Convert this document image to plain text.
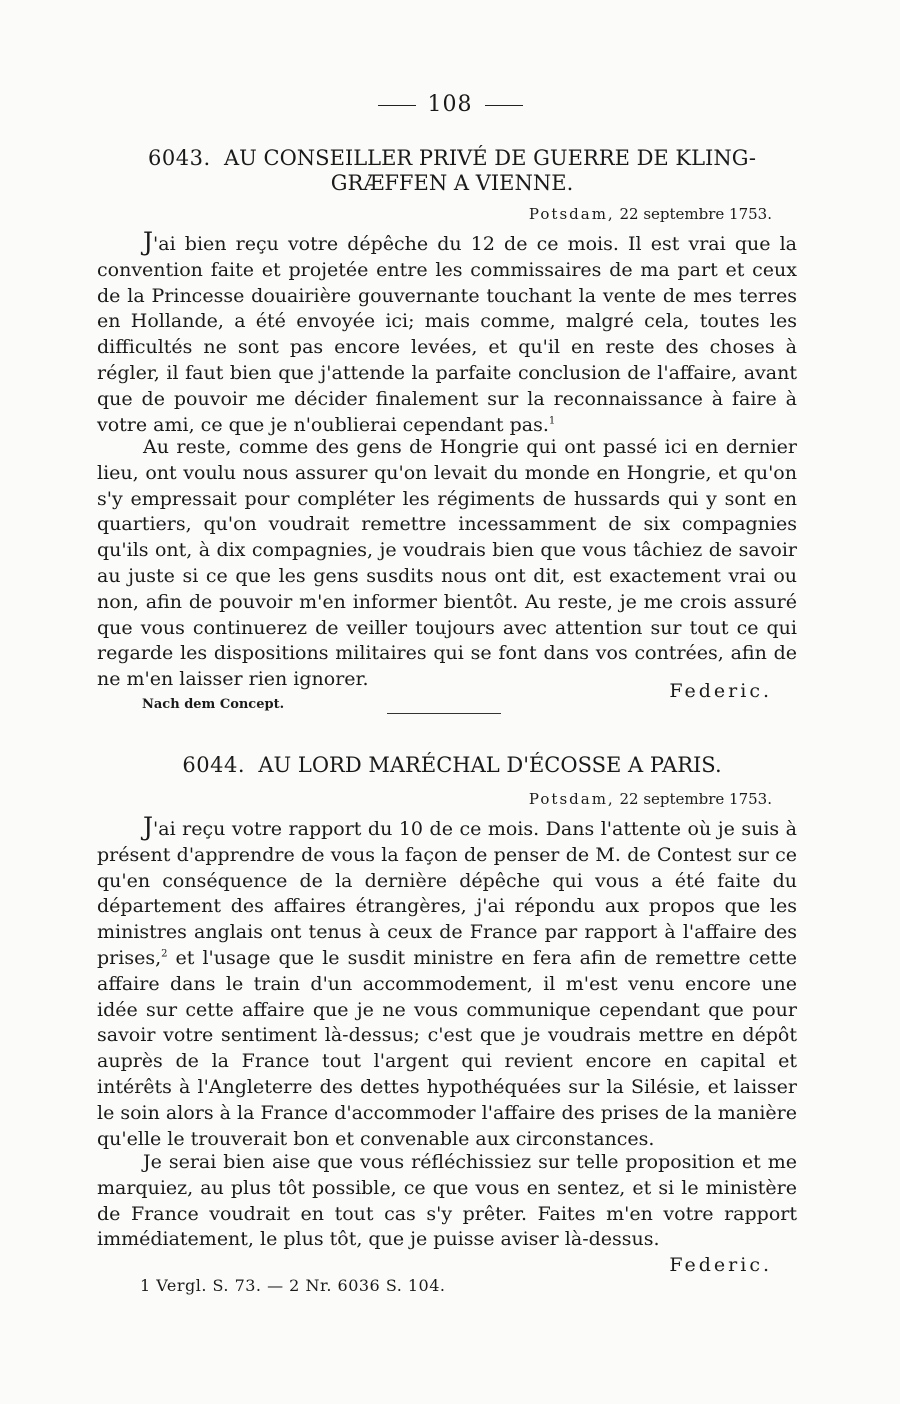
108
6043. AU CONSEILLER PRIVÉ DE GUERRE DE KLING-
GRÆFFEN A VIENNE.
Potsdam, 22 septembre 1753.

J'ai bien reçu votre dépêche du 12 de ce mois. Il est vrai que la convention faite et projetée entre les commissaires de ma part et ceux de la Princesse douairière gouvernante touchant la vente de mes terres en Hollande, a été envoyée ici; mais comme, malgré cela, toutes les difficultés ne sont pas encore levées, et qu'il en reste des choses à régler, il faut bien que j'attende la parfaite conclusion de l'affaire, avant que de pouvoir me décider finalement sur la reconnaissance à faire à votre ami, ce que je n'oublierai cependant pas.$^1$

Au reste, comme des gens de Hongrie qui ont passé ici en dernier lieu, ont voulu nous assurer qu'on levait du monde en Hongrie, et qu'on s'y empressait pour compléter les régiments de hussards qui y sont en quartiers, qu'on voudrait remettre incessamment de six compagnies qu'ils ont, à dix compagnies, je voudrais bien que vous tâchiez de savoir au juste si ce que les gens susdits nous ont dit, est exactement vrai ou non, afin de pouvoir m'en informer bientôt. Au reste, je me crois assuré que vous continuerez de veiller toujours avec attention sur tout ce qui regarde les dispositions militaires qui se font dans vos contrées, afin de ne m'en laisser rien ignorer.

Federic.
Nach dem Concept.
6044. AU LORD MARÉCHAL D'ÉCOSSE A PARIS.
Potsdam, 22 septembre 1753.

J'ai reçu votre rapport du 10 de ce mois. Dans l'attente où je suis à présent d'apprendre de vous la façon de penser de M. de Contest sur ce qu'en conséquence de la dernière dépêche qui vous a été faite du département des affaires étrangères, j'ai répondu aux propos que les ministres anglais ont tenus à ceux de France par rapport à l'affaire des prises,$^2$ et l'usage que le susdit ministre en fera afin de remettre cette affaire dans le train d'un accommodement, il m'est venu encore une idée sur cette affaire que je ne vous communique cependant que pour savoir votre sentiment là-dessus; c'est que je voudrais mettre en dépôt auprès de la France tout l'argent qui revient encore en capital et intérêts à l'Angleterre des dettes hypothéquées sur la Silésie, et laisser le soin alors à la France d'accommoder l'affaire des prises de la manière qu'elle le trouverait bon et convenable aux circonstances.

Je serai bien aise que vous réfléchissiez sur telle proposition et me marquiez, au plus tôt possible, ce que vous en sentez, et si le ministère de France voudrait en tout cas s'y prêter. Faites m'en votre rapport immédiatement, le plus tôt, que je puisse aviser là-dessus.

Federic.
1 Vergl. S. 73. — 2 Nr. 6036 S. 104.
